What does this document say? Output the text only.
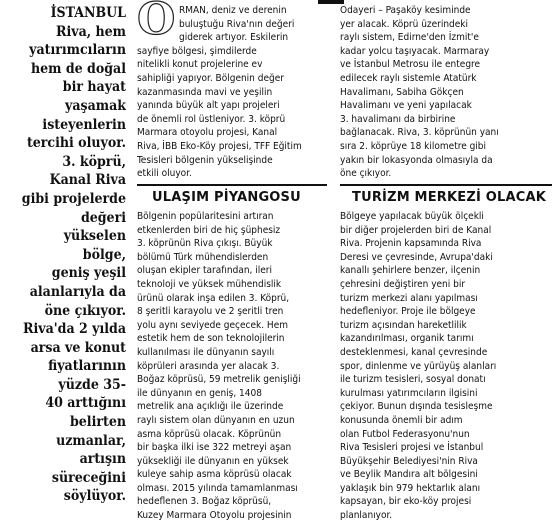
İSTANBUL
Riva, hem
yatırımcıların
hem de doğal
bir hayat
yaşamak
isteyenlerin
tercihi oluyor.
3. köprü,
Kanal Riva
gibi projelerde
değeri
yükselen
bölge,
geniş yeşil
alanlarıyla da
öne çıkıyor.
Riva'da 2 yılda
arsa ve konut
fiyatlarının
yüzde 35-
40 arttığını
belirten
uzmanlar,
artışın
süreceğini
söylüyor.
O RMAN, deniz ve derenin
buluştuğu Riva'nın değeri
giderek artıyor. Eskilerin
sayfiye bölgesi, şimdilerde
nitelikli konut projelerine ev
sahipliği yapıyor. Bölgenin değer
kazanmasında mavi ve yeşilin
yanında büyük alt yapı projeleri
de önemli rol üstleniyor. 3. köprü
Marmara otoyolu projesi, Kanal
Riva, İBB Eko-Köy projesi, TFF Eğitim
Tesisleri bölgenin yükselişinde
etkili oluyor.
ULAŞIM PİYANGOSU
Bölgenin popülaritesini artıran
etkenlerden biri de hiç şüphesiz
3. köprünün Riva çıkışı. Büyük
bölümü Türk mühendislerden
oluşan ekipler tarafından, ileri
teknoloji ve yüksek mühendislik
ürünü olarak inşa edilen 3. Köprü,
8 şeritli karayolu ve 2 şeritli tren
yolu aynı seviyede geçecek. Hem
estetik hem de son teknolojilerin
kullanılması ile dünyanın sayılı
köprüleri arasında yer alacak 3.
Boğaz köprüsü, 59 metrelik genişliği
ile dünyanın en geniş, 1408
metrelik ana açıklığı ile üzerinde
raylı sistem olan dünyanın en uzun
asma köprüsü olacak. Köprünün
bir başka ilki ise 322 metreyi aşan
yüksekliği ile dünyanın en yüksek
kuleye sahip asma köprüsü olacak
olması. 2015 yılında tamamlanması
hedeflenen 3. Boğaz köprüsü,
Kuzey Marmara Otoyolu projesinin
Odayeri – Paşaköy kesiminde
yer alacak. Köprü üzerindeki
raylı sistem, Edirne'den İzmit'e
kadar yolcu taşıyacak. Marmaray
ve İstanbul Metrosu ile entegre
edilecek raylı sistemle Atatürk
Havalimanı, Sabiha Gökçen
Havalimanı ve yeni yapılacak
3. havalimanı da birbirine
bağlanacak. Riva, 3. köprünün yanı
sıra 2. köprüye 18 kilometre gibi
yakın bir lokasyonda olmasıyla da
öne çıkıyor.
TURİZM MERKEZİ OLACAK
Bölgeye yapılacak büyük ölçekli
bir diğer projelerden biri de Kanal
Riva. Projenin kapsamında Riva
Deresi ve çevresinde, Avrupa'daki
kanallı şehirlere benzer, ilçenin
çehresini değiştiren yeni bir
turizm merkezi alanı yapılması
hedefleniyor. Proje ile bölgeye
turizm açısından hareketlilik
kazandırılması, organik tarımı
desteklenmesi, kanal çevresinde
spor, dinlenme ve yürüyüş alanları
ile turizm tesisleri, sosyal donatı
kurulması yatırımcıların ilgisini
çekiyor. Bunun dışında tesisleşme
konusunda önemli bir adım
olan Futbol Federasyonu'nun
Riva Tesisleri projesi ve İstanbul
Büyükşehir Belediyesi'nin Riva
ve Beylik Mandıra alt bölgesini
yaklaşık bin 979 hektarlık alanı
kapsayan, bir eko-köy projesi
planlanıyor.
